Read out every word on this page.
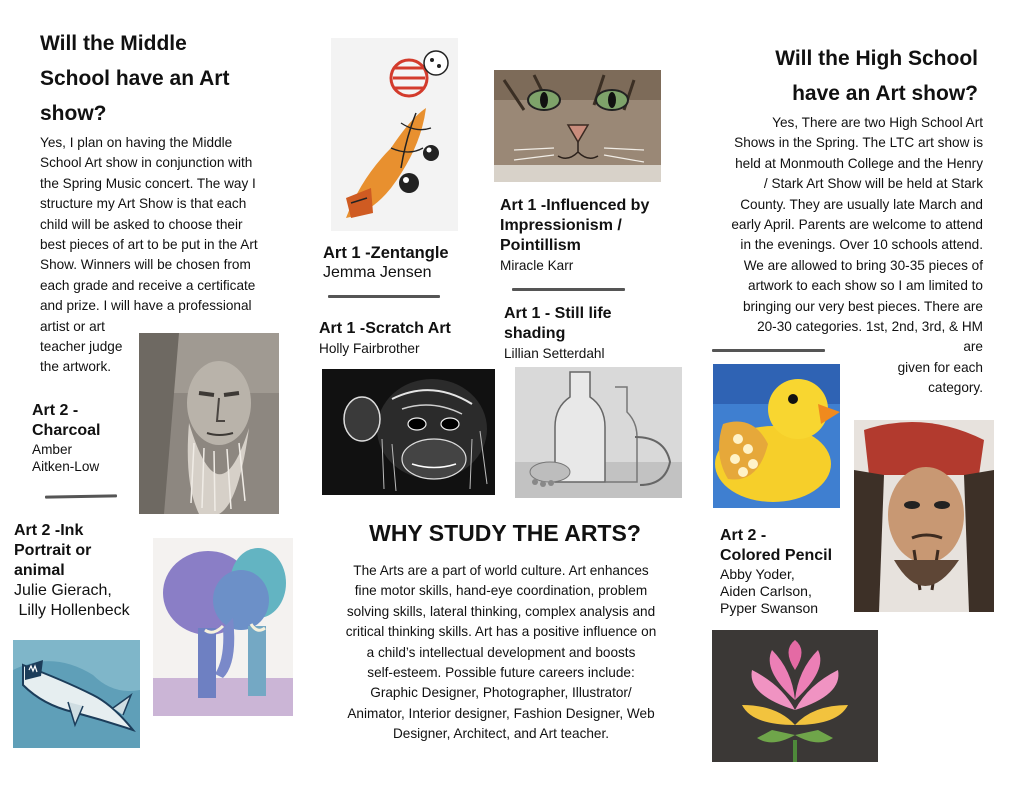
Will the Middle
School have an Art
show?
Yes, I plan on having the Middle
School Art show in conjunction with
the Spring Music concert. The way I
structure my Art Show is that each
child will be asked to choose their
best pieces of art to be put in the Art
Show. Winners will be chosen from
each grade and receive a certificate
and prize. I will have a professional
artist or art
teacher judge
the artwork.
Art 2 -
Charcoal
Amber
Aitken-Low
Art 2 -Ink
Portrait or
animal
Julie Gierach,
Lilly Hollenbeck
Art 1 -Zentangle
Jemma Jensen
Art 1 -Scratch Art
Holly Fairbrother
Art 1 -Influenced by
Impressionism /
Pointillism
Miracle Karr
Art 1 - Still life
shading
Lillian Setterdahl
WHY STUDY THE ARTS?
The Arts are a part of world culture. Art enhances
fine motor skills, hand-eye coordination, problem
solving skills, lateral thinking, complex analysis and
critical thinking skills. Art has a positive influence on
a child’s intellectual development and boosts
self-esteem. Possible future careers include:
Graphic Designer, Photographer, Illustrator/
Animator, Interior designer, Fashion Designer, Web
Designer, Architect, and Art teacher.
Will the High School
have an Art show?
Yes, There are two High School Art
Shows in the Spring. The LTC art show is
held at Monmouth College and the Henry
/ Stark Art Show will be held at Stark
County. They are usually late March and
early April. Parents are welcome to attend
in the evenings. Over 10 schools attend.
We are allowed to bring 30-35 pieces of
artwork to each show so I am limited to
bringing our very best pieces. There are
20-30 categories. 1st, 2nd, 3rd, & HM
are
given for each
category.
Art 2 -
Colored Pencil
Abby Yoder,
Aiden Carlson,
Pyper Swanson
